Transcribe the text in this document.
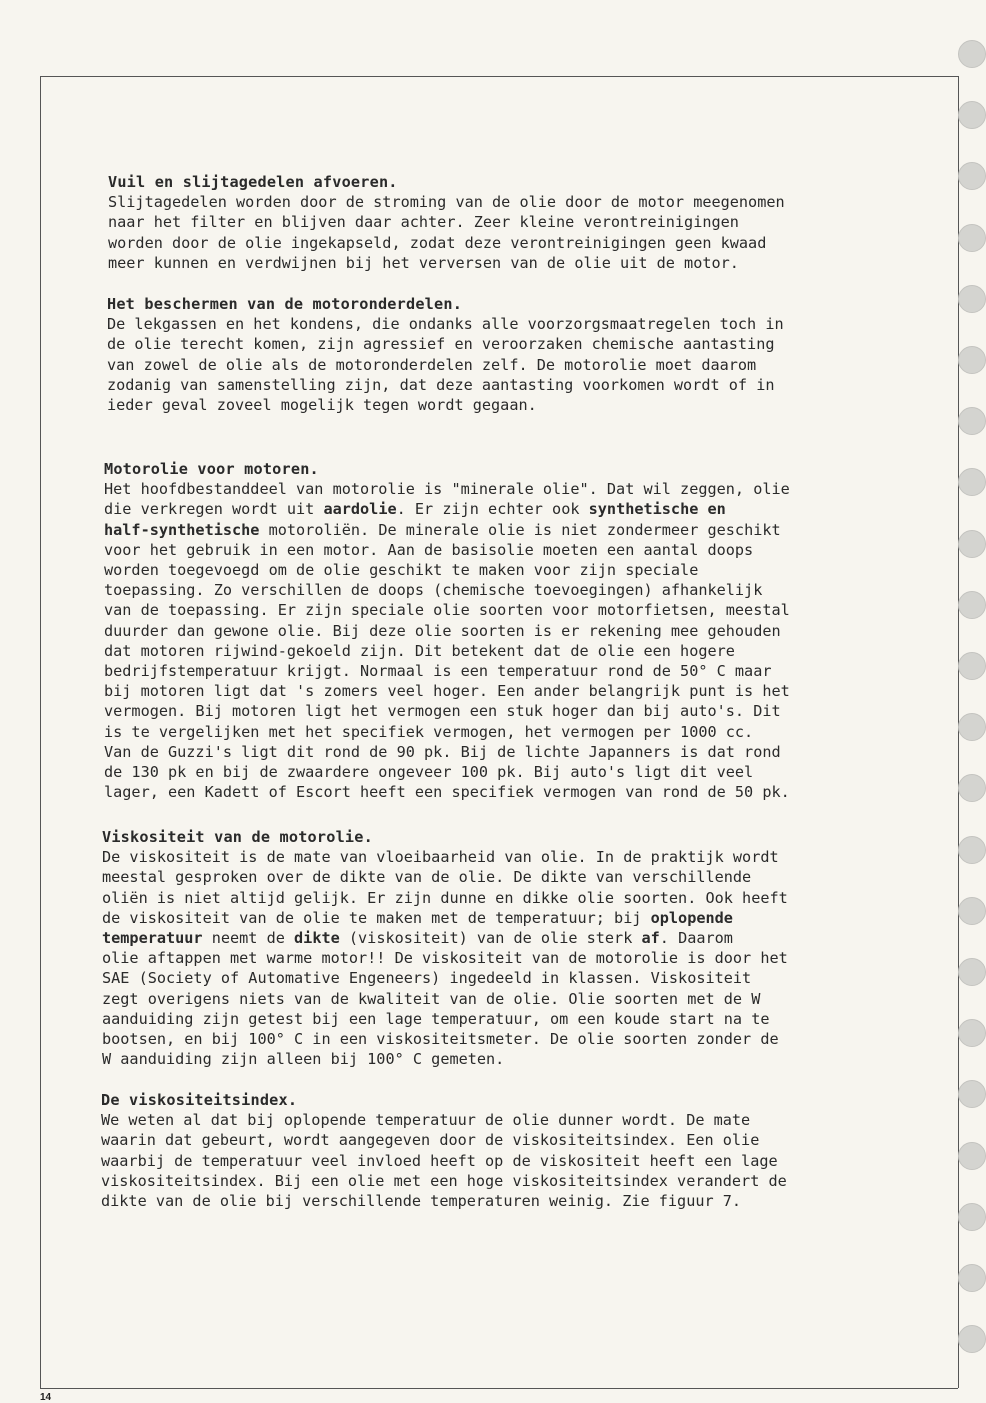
Vuil en slijtagedelen afvoeren.
Slijtagedelen worden door de stroming van de olie door de motor meegenomen
naar het filter en blijven daar achter. Zeer kleine verontreinigingen
worden door de olie ingekapseld, zodat deze verontreinigingen geen kwaad
meer kunnen en verdwijnen bij het verversen van de olie uit de motor.
Het beschermen van de motoronderdelen.
De lekgassen en het kondens, die ondanks alle voorzorgsmaatregelen toch in
de olie terecht komen, zijn agressief en veroorzaken chemische aantasting
van zowel de olie als de motoronderdelen zelf. De motorolie moet daarom
zodanig van samenstelling zijn, dat deze aantasting voorkomen wordt of in
ieder geval zoveel mogelijk tegen wordt gegaan.
Motorolie voor motoren.
Het hoofdbestanddeel van motorolie is "minerale olie". Dat wil zeggen, olie
die verkregen wordt uit aardolie. Er zijn echter ook synthetische en
half-synthetische motoroliën. De minerale olie is niet zondermeer geschikt
voor het gebruik in een motor. Aan de basisolie moeten een aantal doops
worden toegevoegd om de olie geschikt te maken voor zijn speciale
toepassing. Zo verschillen de doops (chemische toevoegingen) afhankelijk
van de toepassing. Er zijn speciale olie soorten voor motorfietsen, meestal
duurder dan gewone olie. Bij deze olie soorten is er rekening mee gehouden
dat motoren rijwind-gekoeld zijn. Dit betekent dat de olie een hogere
bedrijfstemperatuur krijgt. Normaal is een temperatuur rond de 50° C maar
bij motoren ligt dat 's zomers veel hoger. Een ander belangrijk punt is het
vermogen. Bij motoren ligt het vermogen een stuk hoger dan bij auto's. Dit
is te vergelijken met het specifiek vermogen, het vermogen per 1000 cc.
Van de Guzzi's ligt dit rond de 90 pk. Bij de lichte Japanners is dat rond
de 130 pk en bij de zwaardere ongeveer 100 pk. Bij auto's ligt dit veel
lager, een Kadett of Escort heeft een specifiek vermogen van rond de 50 pk.
Viskositeit van de motorolie.
De viskositeit is de mate van vloeibaarheid van olie. In de praktijk wordt
meestal gesproken over de dikte van de olie. De dikte van verschillende
oliën is niet altijd gelijk. Er zijn dunne en dikke olie soorten. Ook heeft
de viskositeit van de olie te maken met de temperatuur; bij oplopende
temperatuur neemt de dikte (viskositeit) van de olie sterk af. Daarom
olie aftappen met warme motor!! De viskositeit van de motorolie is door het
SAE (Society of Automative Engeneers) ingedeeld in klassen. Viskositeit
zegt overigens niets van de kwaliteit van de olie. Olie soorten met de W
aanduiding zijn getest bij een lage temperatuur, om een koude start na te
bootsen, en bij 100° C in een viskositeitsmeter. De olie soorten zonder de
W aanduiding zijn alleen bij 100° C gemeten.
De viskositeitsindex.
We weten al dat bij oplopende temperatuur de olie dunner wordt. De mate
waarin dat gebeurt, wordt aangegeven door de viskositeitsindex. Een olie
waarbij de temperatuur veel invloed heeft op de viskositeit heeft een lage
viskositeitsindex. Bij een olie met een hoge viskositeitsindex verandert de
dikte van de olie bij verschillende temperaturen weinig. Zie figuur 7.
14
